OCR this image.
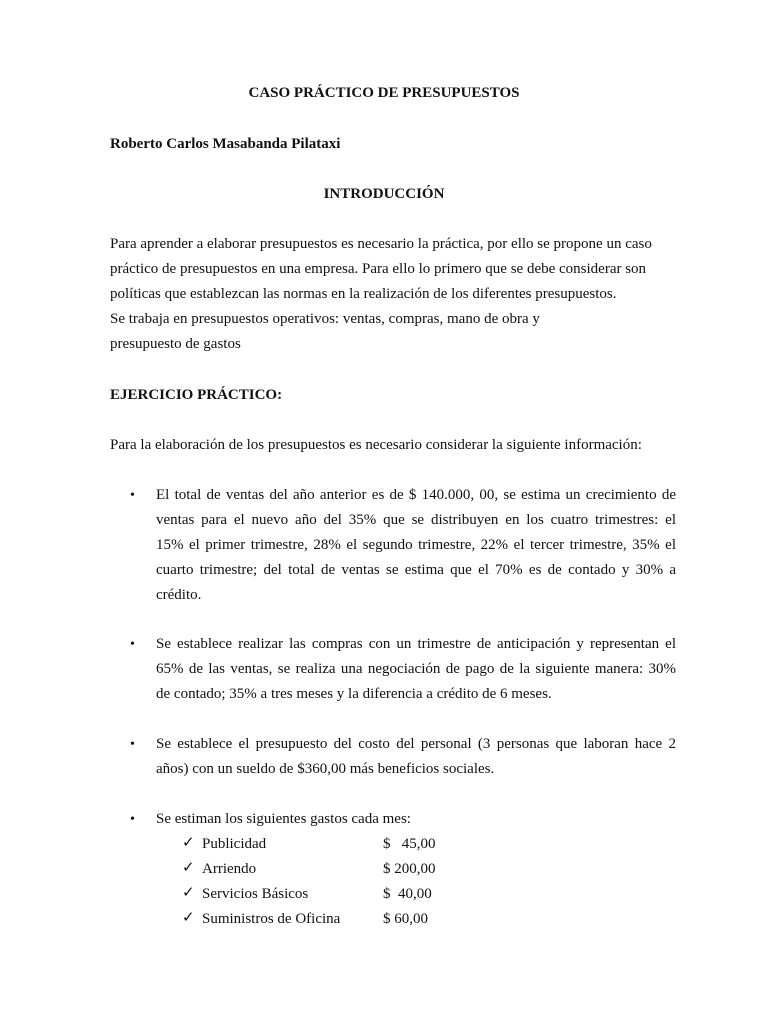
CASO PRÁCTICO DE PRESUPUESTOS
Roberto Carlos Masabanda Pilataxi
INTRODUCCIÓN
Para aprender a elaborar presupuestos es necesario la práctica, por ello se propone un caso
práctico de presupuestos en una empresa. Para ello lo primero que se debe considerar son
políticas que establezcan las normas en la realización de los diferentes presupuestos.
Se trabaja en presupuestos operativos: ventas, compras, mano de obra y
presupuesto de gastos
EJERCICIO PRÁCTICO:
Para la elaboración de los presupuestos es necesario considerar la siguiente información:
• El total de ventas del año anterior es de $ 140.000, 00, se estima un crecimiento de
ventas para el nuevo año del 35% que se distribuyen en los cuatro trimestres: el
15% el primer trimestre, 28% el segundo trimestre, 22% el tercer trimestre, 35% el
cuarto trimestre; del total de ventas se estima que el 70% es de contado y 30% a
crédito.
• Se establece realizar las compras con un trimestre de anticipación y representan el
65% de las ventas, se realiza una negociación de pago de la siguiente manera: 30%
de contado; 35% a tres meses y la diferencia a crédito de 6 meses.
• Se establece el presupuesto del costo del personal (3 personas que laboran hace 2
años) con un sueldo de $360,00 más beneficios sociales.
• Se estiman los siguientes gastos cada mes:
✓ Publicidad	$   45,00
✓ Arriendo	$ 200,00
✓ Servicios Básicos	$  40,00
✓ Suministros de Oficina	$ 60,00
